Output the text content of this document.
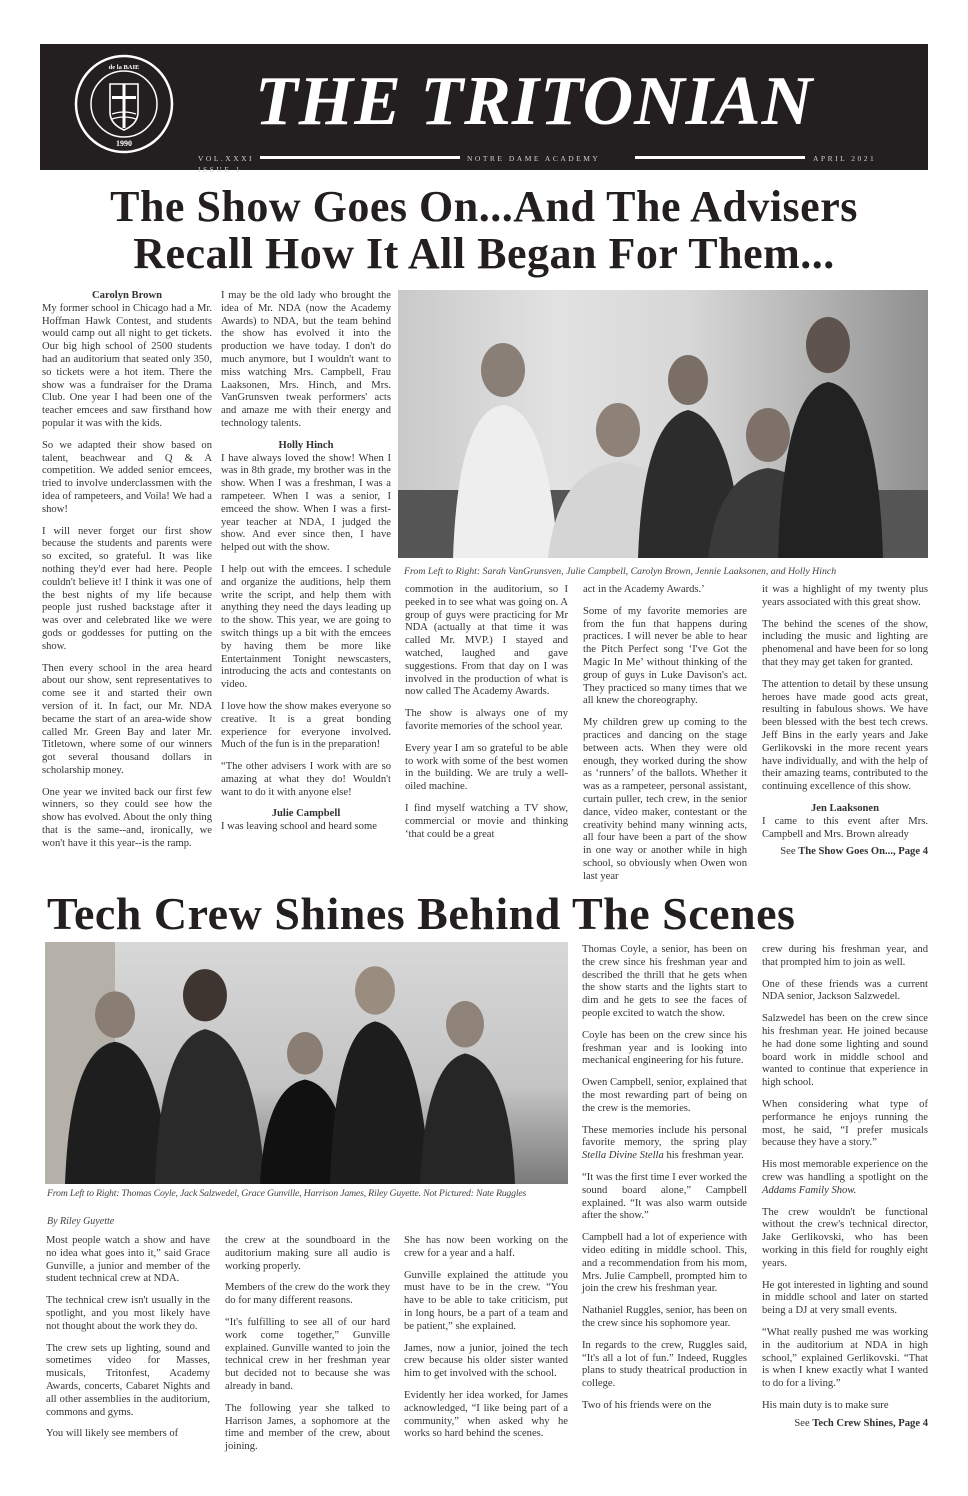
1990
de la BAIE THE TRITONIAN
VOL.XXXI
ISSUE 1
NOTRE DAME ACADEMY	APRIL 2021
The Show Goes On...And The Advisers
Recall How It All Began For Them...

Carolyn Brown

My former school in Chicago had a Mr. Hoffman Hawk Contest, and students would camp out all night to get tickets. Our big high school of 2500 students had an auditorium that seated only 350, so tickets were a hot item. There the show was a fundraiser for the Drama Club. One year I had been one of the teacher emcees and saw firsthand how popular it was with the kids.

So we adapted their show based on talent, beachwear and Q & A competition. We added senior emcees, tried to involve underclassmen with the idea of rampeteers, and Voila! We had a show!

I will never forget our first show because the students and parents were so excited, so grateful. It was like nothing they'd ever had here. People couldn't believe it! I think it was one of the best nights of my life because people just rushed backstage after it was over and celebrated like we were gods or goddesses for putting on the show.

Then every school in the area heard about our show, sent representatives to come see it and started their own version of it. In fact, our Mr. NDA became the start of an area-wide show called Mr. Green Bay and later Mr. Titletown, where some of our winners got several thousand dollars in scholarship money.

One year we invited back our first few winners, so they could see how the show has evolved. About the only thing that is the same--and, ironically, we won't have it this year--is the ramp.

I may be the old lady who brought the idea of Mr. NDA (now the Academy Awards) to NDA, but the team behind the show has evolved it into the production we have today. I don't do much anymore, but I wouldn't want to miss watching Mrs. Campbell, Frau Laaksonen, Mrs. Hinch, and Mrs. VanGrunsven tweak performers' acts and amaze me with their energy and technology talents.

Holly Hinch

I have always loved the show! When I was in 8th grade, my brother was in the show. When I was a freshman, I was a rampeteer. When I was a senior, I emceed the show. When I was a first-year teacher at NDA, I judged the show. And ever since then, I have helped out with the show.

I help out with the emcees. I schedule and organize the auditions, help them write the script, and help them with anything they need the days leading up to the show. This year, we are going to switch things up a bit with the emcees by having them be more like Entertainment Tonight newscasters, introducing the acts and contestants on video.

I love how the show makes everyone so creative. It is a great bonding experience for everyone involved. Much of the fun is in the preparation!

“The other advisers I work with are so amazing at what they do! Wouldn't want to do it with anyone else!

Julie Campbell

I was leaving school and heard some

From Left to Right: Sarah VanGrunsven, Julie Campbell, Carolyn Brown, Jennie Laaksonen, and Holly Hinch

commotion in the auditorium, so I peeked in to see what was going on. A group of guys were practicing for Mr NDA (actually at that time it was called Mr. MVP.) I stayed and watched, laughed and gave suggestions. From that day on I was involved in the production of what is now called The Academy Awards.

The show is always one of my favorite memories of the school year.

Every year I am so grateful to be able to work with some of the best women in the building. We are truly a well-oiled machine.

I find myself watching a TV show, commercial or movie and thinking ‘that could be a great

act in the Academy Awards.’

Some of my favorite memories are from the fun that happens during practices. I will never be able to hear the Pitch Perfect song ‘I've Got the Magic In Me’ without thinking of the group of guys in Luke Davison's act. They practiced so many times that we all knew the choreography.

My children grew up coming to the practices and dancing on the stage between acts. When they were old enough, they worked during the show as ‘runners’ of the ballots. Whether it was as a rampeteer, personal assistant, curtain puller, tech crew, in the senior dance, video maker, contestant or the creativity behind many winning acts, all four have been a part of the show in one way or another while in high school, so obviously when Owen won last year

it was a highlight of my twenty plus years associated with this great show.

The behind the scenes of the show, including the music and lighting are phenomenal and have been for so long that they may get taken for granted.

The attention to detail by these unsung heroes have made good acts great, resulting in fabulous shows. We have been blessed with the best tech crews. Jeff Bins in the early years and Jake Gerlikovski in the more recent years have individually, and with the help of their amazing teams, contributed to the continuing excellence of this show.

Jen Laaksonen

I came to this event after Mrs. Campbell and Mrs. Brown already

See The Show Goes On..., Page 4

Tech Crew Shines Behind The Scenes
From Left to Right: Thomas Coyle, Jack Salzwedel, Grace Gunville, Harrison James, Riley Guyette. Not Pictured: Nate Ruggles
By Riley Guyette

Most people watch a show and have no idea what goes into it,” said Grace Gunville, a junior and member of the student technical crew at NDA.

The technical crew isn't usually in the spotlight, and you most likely have not thought about the work they do.

The crew sets up lighting, sound and sometimes video for Masses, musicals, Tritonfest, Academy Awards, concerts, Cabaret Nights and all other assemblies in the auditorium, commons and gyms.

You will likely see members of

the crew at the soundboard in the auditorium making sure all audio is working properly.

Members of the crew do the work they do for many different reasons.

“It's fulfilling to see all of our hard work come together,” Gunville explained. Gunville wanted to join the technical crew in her freshman year but decided not to because she was already in band.

The following year she talked to Harrison James, a sophomore at the time and member of the crew, about joining.

She has now been working on the crew for a year and a half.

Gunville explained the attitude you must have to be in the crew. “You have to be able to take criticism, put in long hours, be a part of a team and be patient,” she explained.

James, now a junior, joined the tech crew because his older sister wanted him to get involved with the school.

Evidently her idea worked, for James acknowledged, “I like being part of a community,” when asked why he works so hard behind the scenes.

Thomas Coyle, a senior, has been on the crew since his freshman year and described the thrill that he gets when the show starts and the lights start to dim and he gets to see the faces of people excited to watch the show.

Coyle has been on the crew since his freshman year and is looking into mechanical engineering for his future.

Owen Campbell, senior, explained that the most rewarding part of being on the crew is the memories.

These memories include his personal favorite memory, the spring play Stella Divine Stella his freshman year.

“It was the first time I ever worked the sound board alone,” Campbell explained. “It was also warm outside after the show.”

Campbell had a lot of experience with video editing in middle school. This, and a recommendation from his mom, Mrs. Julie Campbell, prompted him to join the crew his freshman year.

Nathaniel Ruggles, senior, has been on the crew since his sophomore year.

In regards to the crew, Ruggles said, “It's all a lot of fun.” Indeed, Ruggles plans to study theatrical production in college.

Two of his friends were on the

crew during his freshman year, and that prompted him to join as well.

One of these friends was a current NDA senior, Jackson Salzwedel.

Salzwedel has been on the crew since his freshman year. He joined because he had done some lighting and sound board work in middle school and wanted to continue that experience in high school.

When considering what type of performance he enjoys running the most, he said, “I prefer musicals because they have a story.”

His most memorable experience on the crew was handling a spotlight on the Addams Family Show.

The crew wouldn't be functional without the crew's technical director, Jake Gerlikovski, who has been working in this field for roughly eight years.

He got interested in lighting and sound in middle school and later on started being a DJ at very small events.

“What really pushed me was working in the auditorium at NDA in high school,” explained Gerlikovski. “That is when I knew exactly what I wanted to do for a living.”

His main duty is to make sure

See Tech Crew Shines, Page 4
